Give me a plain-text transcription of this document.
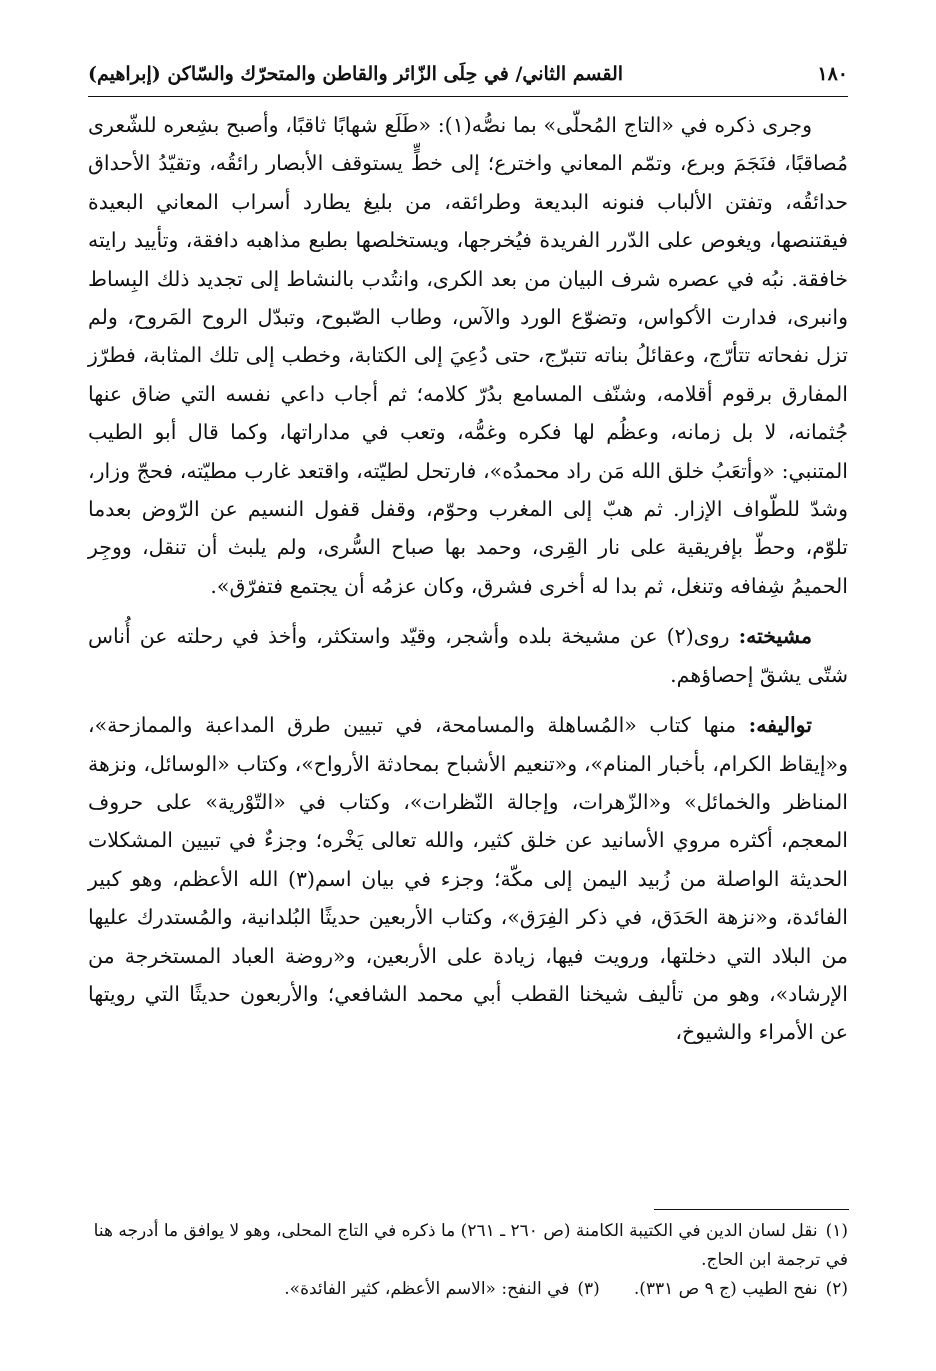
١٨٠
القسم الثاني/ في حِلَى الزّائر والقاطن والمتحرّك والسّاكن (إبراهيم)

وجرى ذكره في «التاج المُحلّى» بما نصُّه(١): «طَلَع شهابًا ثاقبًا، وأصبح بشِعره للشّعرى مُصاقبًا، فنَجَمَ وبرع، وتمّم المعاني واخترع؛ إلى خطٍّ يستوقف الأبصار رائقُه، وتقيّدُ الأحداق حدائقُه، وتفتن الألباب فنونه البديعة وطرائقه، من بليغ يطارد أسراب المعاني البعيدة فيقتنصها، ويغوص على الدّرر الفريدة فيُخرجها، ويستخلصها بطبع مذاهبه دافقة، وتأييد رايته خافقة. نبُه في عصره شرف البيان من بعد الكرى، وانتُدب بالنشاط إلى تجديد ذلك البِساط وانبرى، فدارت الأكواس، وتضوّع الورد والآس، وطاب الصّبوح، وتبدّل الروح المَروح، ولم تزل نفحاته تتأرّج، وعقائلُ بناته تتبرّج، حتى دُعِيَ إلى الكتابة، وخطب إلى تلك المثابة، فطرّز المفارق برقوم أقلامه، وشنّف المسامع بدُرّ كلامه؛ ثم أجاب داعي نفسه التي ضاق عنها جُثمانه، لا بل زمانه، وعظُم لها فكره وغمُّه، وتعب في مداراتها، وكما قال أبو الطيب المتنبي: «وأتعَبُ خلق الله مَن راد محمدُه»، فارتحل لطيّته، واقتعد غارب مطيّته، فحجّ وزار، وشدّ للطّواف الإزار. ثم هبّ إلى المغرب وحوّم، وقفل قفول النسيم عن الرّوض بعدما تلوّم، وحطّ بإفريقية على نار القِرى، وحمد بها صباح السُّرى، ولم يلبث أن تنقل، ووجِر الحميمُ شِفافه وتنغل، ثم بدا له أخرى فشرق، وكان عزمُه أن يجتمع فتفرّق».

مشيخته: روى(٢) عن مشيخة بلده وأشجر، وقيّد واستكثر، وأخذ في رحلته عن أُناس شتّى يشقّ إحصاؤهم.

تواليفه: منها كتاب «المُساهلة والمسامحة، في تبيين طرق المداعبة والممازحة»، و«إيقاظ الكرام، بأخبار المنام»، و«تنعيم الأشباح بمحادثة الأرواح»، وكتاب «الوسائل، ونزهة المناظر والخمائل» و«الزّهرات، وإجالة النّظرات»، وكتاب في «التّوْرية» على حروف المعجم، أكثره مروي الأسانيد عن خلق كثير، والله تعالى يَخْره؛ وجزءٌ في تبيين المشكلات الحديثة الواصلة من زُبيد اليمن إلى مكّة؛ وجزء في بيان اسم(٣) الله الأعظم، وهو كبير الفائدة، و«نزهة الحَدَق، في ذكر الفِرَق»، وكتاب الأربعين حديثًا البُلدانية، والمُستدرك عليها من البلاد التي دخلتها، ورويت فيها، زيادة على الأربعين، و«روضة العباد المستخرجة من الإرشاد»، وهو من تأليف شيخنا القطب أبي محمد الشافعي؛ والأربعون حديثًا التي رويتها عن الأمراء والشيوخ،

(١)نقل لسان الدين في الكتيبة الكامنة (ص ٢٦٠ ـ ٢٦١) ما ذكره في التاج المحلى، وهو لا يوافق ما أدرجه هنا في ترجمة ابن الحاج.

(٢)نفح الطيب (ج ٩ ص ٣٣١).
(٣)في النفح: «الاسم الأعظم، كثير الفائدة».
